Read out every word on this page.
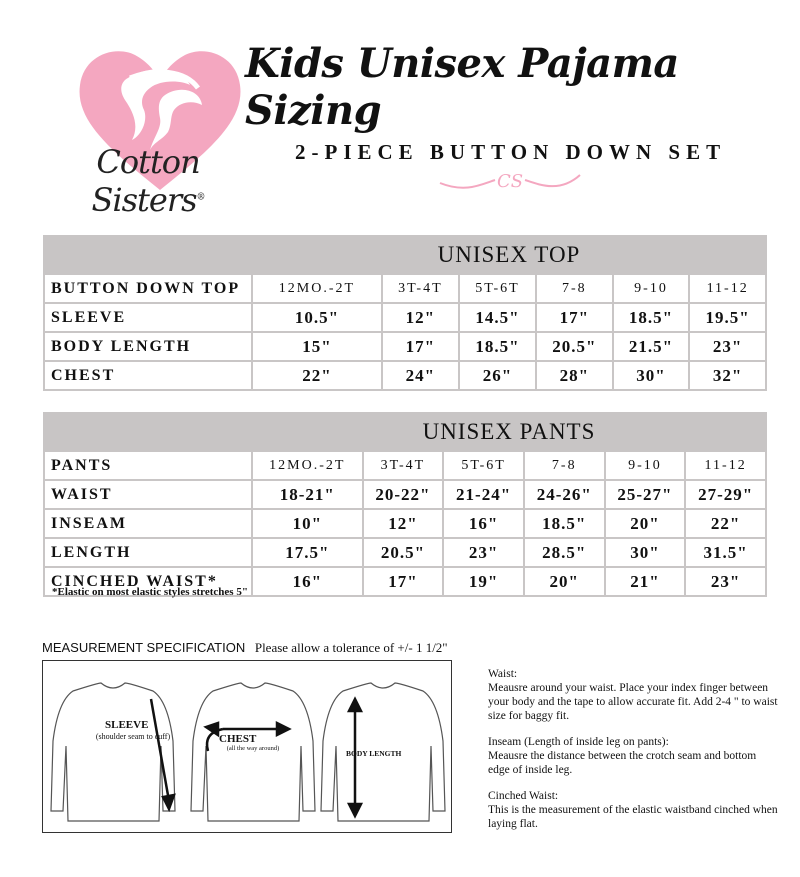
Cotton Sisters®
Kids Unisex Pajama Sizing
2-PIECE BUTTON DOWN SET
CS
	UNISEX TOP					
BUTTON DOWN TOP	12MO.-2T	3T-4T	5T-6T	7-8	9-10	11-12
SLEEVE	10.5"	12"	14.5"	17"	18.5"	19.5"
BODY LENGTH	15"	17"	18.5"	20.5"	21.5"	23"
CHEST	22"	24"	26"	28"	30"	32"
	UNISEX PANTS					
PANTS	12MO.-2T	3T-4T	5T-6T	7-8	9-10	11-12
WAIST	18-21"	20-22"	21-24"	24-26"	25-27"	27-29"
INSEAM	10"	12"	16"	18.5"	20"	22"
LENGTH	17.5"	20.5"	23"	28.5"	30"	31.5"
CINCHED WAIST*	16"	17"	19"	20"	21"	23"
*Elastic on most elastic styles stretches 5"
MEASUREMENT SPECIFICATION Please allow a tolerance of +/- 1 1/2"
SLEEVE
(shoulder seam to cuff)	CHEST
(all the way around)
BODY LENGTH

Waist:
Meausre around your waist. Place your index finger between your body and the tape to allow accurate fit. Add 2-4 " to waist size for baggy fit.

Inseam (Length of inside leg on pants):
Meausre the distance between the crotch seam and bottom edge of inside leg.

Cinched Waist:
This is the measurement of the elastic waistband cinched when laying flat.
